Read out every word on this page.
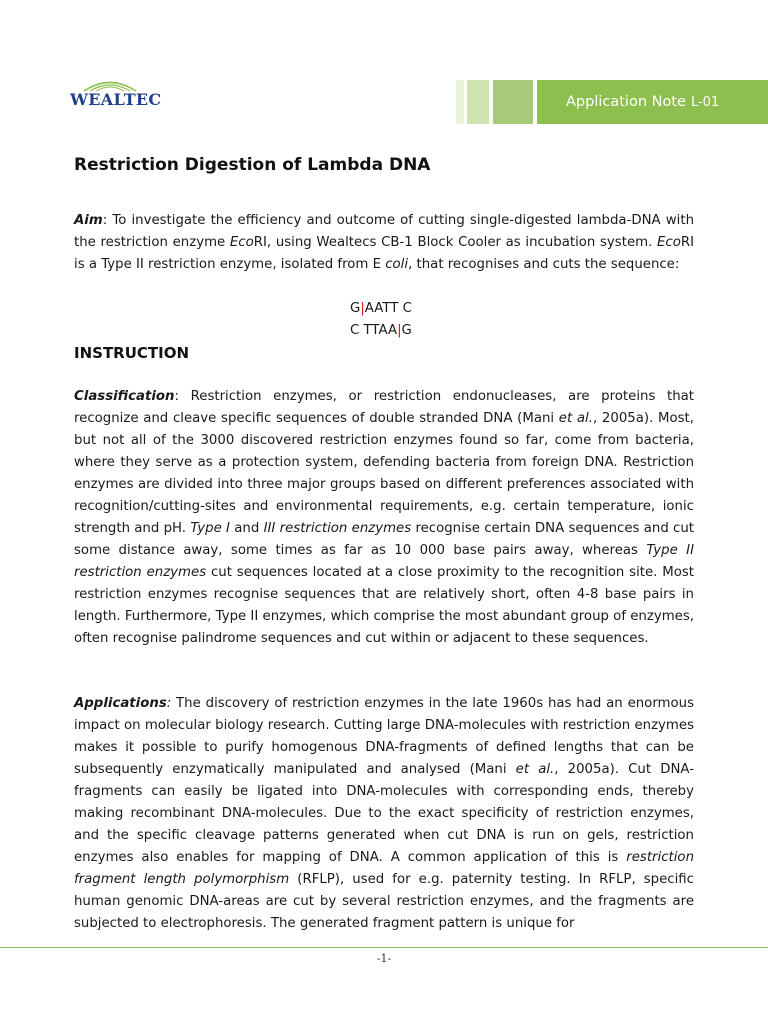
WEALTEC	Application Note L-01
Restriction Digestion of Lambda DNA
Aim: To investigate the efficiency and outcome of cutting single-digested lambda-DNA with the restriction enzyme EcoRI, using Wealtecs CB-1 Block Cooler as incubation system. EcoRI is a Type II restriction enzyme, isolated from E coli, that recognises and cuts the sequence:
G|AATT C
C TTAA|G
INSTRUCTION
Classification: Restriction enzymes, or restriction endonucleases, are proteins that recognize and cleave specific sequences of double stranded DNA (Mani et al., 2005a). Most, but not all of the 3000 discovered restriction enzymes found so far, come from bacteria, where they serve as a protection system, defending bacteria from foreign DNA. Restriction enzymes are divided into three major groups based on different preferences associated with recognition/cutting-sites and environmental requirements, e.g. certain temperature, ionic strength and pH. Type I and III restriction enzymes recognise certain DNA sequences and cut some distance away, some times as far as 10 000 base pairs away, whereas Type II restriction enzymes cut sequences located at a close proximity to the recognition site. Most restriction enzymes recognise sequences that are relatively short, often 4-8 base pairs in length. Furthermore, Type II enzymes, which comprise the most abundant group of enzymes, often recognise palindrome sequences and cut within or adjacent to these sequences.
Applications: The discovery of restriction enzymes in the late 1960s has had an enormous impact on molecular biology research. Cutting large DNA-molecules with restriction enzymes makes it possible to purify homogenous DNA-fragments of defined lengths that can be subsequently enzymatically manipulated and analysed (Mani et al., 2005a). Cut DNA-fragments can easily be ligated into DNA-molecules with corresponding ends, thereby making recombinant DNA-molecules. Due to the exact specificity of restriction enzymes, and the specific cleavage patterns generated when cut DNA is run on gels, restriction enzymes also enables for mapping of DNA. A common application of this is restriction fragment length polymorphism (RFLP), used for e.g. paternity testing. In RFLP, specific human genomic DNA-areas are cut by several restriction enzymes, and the fragments are subjected to electrophoresis. The generated fragment pattern is unique for
-1-
